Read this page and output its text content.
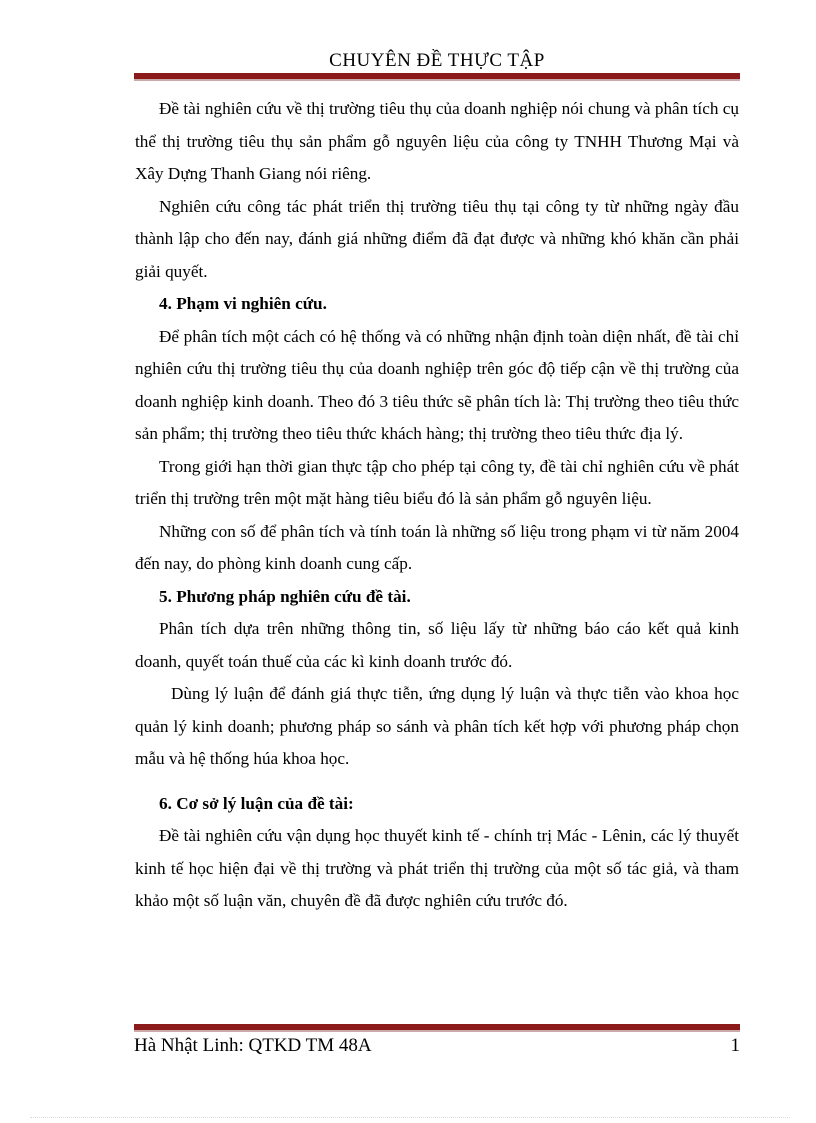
CHUYÊN ĐỀ THỰC TẬP

Đề tài nghiên cứu về thị trường tiêu thụ của doanh nghiệp nói chung và phân tích cụ thể thị trường tiêu thụ sản phẩm gỗ nguyên liệu của công ty TNHH Thương Mại và Xây Dựng Thanh Giang nói riêng.

Nghiên cứu công tác phát triển thị trường tiêu thụ tại công ty từ những ngày đầu thành lập cho đến nay, đánh giá những điểm đã đạt được và những khó khăn cần phải giải quyết.

4. Phạm vi nghiên cứu.

Để phân tích một cách có hệ thống và có những nhận định toàn diện nhất, đề tài chỉ nghiên cứu thị trường tiêu thụ của doanh nghiệp trên góc độ tiếp cận về thị trường của doanh nghiệp kinh doanh. Theo đó 3 tiêu thức sẽ phân tích là: Thị trường theo tiêu thức sản phẩm; thị trường theo tiêu thức khách hàng; thị trường theo tiêu thức địa lý.

Trong giới hạn thời gian thực tập cho phép tại công ty, đề tài chỉ nghiên cứu về phát triển thị trường trên một mặt hàng tiêu biểu đó là sản phẩm gỗ nguyên liệu.

Những con số để phân tích và tính toán là những số liệu trong phạm vi từ năm 2004 đến nay, do phòng kinh doanh cung cấp.

5. Phương pháp nghiên cứu đề tài.

Phân tích dựa trên những thông tin, số liệu lấy từ những báo cáo kết quả kinh doanh, quyết toán thuế của các kì kinh doanh trước đó.

Dùng lý luận để đánh giá thực tiễn, ứng dụng lý luận và thực tiễn vào khoa học quản lý kinh doanh; phương pháp so sánh và phân tích kết hợp với phương pháp chọn mẫu và hệ thống húa khoa học.

6. Cơ sở lý luận của đề tài:

Đề tài nghiên cứu vận dụng học thuyết kinh tế - chính trị Mác - Lênin, các lý thuyết kinh tế học hiện đại về thị trường và phát triển thị trường của một số tác giả, và tham khảo một số luận văn, chuyên đề đã được nghiên cứu trước đó.

Hà Nhật Linh: QTKD TM 48A	1
